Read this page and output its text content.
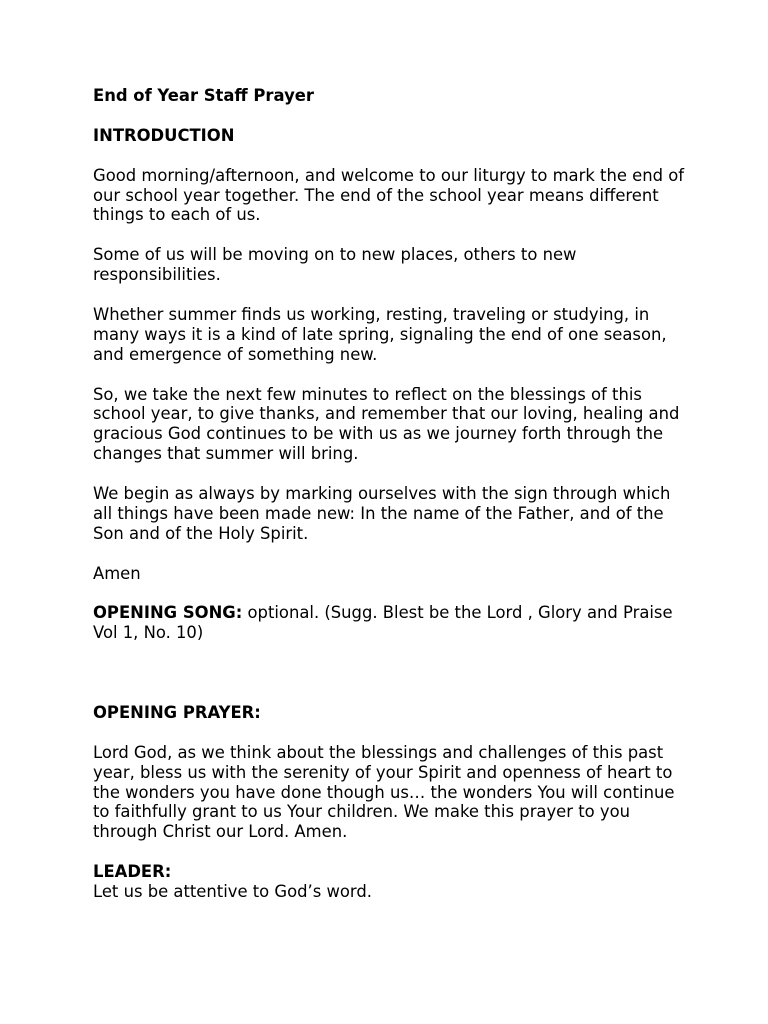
End of Year Staff Prayer

INTRODUCTION

Good morning/afternoon, and welcome to our liturgy to mark the end of our school year together. The end of the school year means different things to each of us.

Some of us will be moving on to new places, others to new responsibilities.

Whether summer finds us working, resting, traveling or studying, in many ways it is a kind of late spring, signaling the end of one season, and emergence of something new.

So, we take the next few minutes to reflect on the blessings of this school year, to give thanks, and remember that our loving, healing and gracious God continues to be with us as we journey forth through the changes that summer will bring.

We begin as always by marking ourselves with the sign through which all things have been made new: In the name of the Father, and of the Son and of the Holy Spirit.

Amen

OPENING SONG: optional. (Sugg. Blest be the Lord , Glory and Praise Vol 1, No. 10)

OPENING PRAYER:

Lord God, as we think about the blessings and challenges of this past year, bless us with the serenity of your Spirit and openness of heart to the wonders you have done though us… the wonders You will continue to faithfully grant to us Your children. We make this prayer to you through Christ our Lord. Amen.

LEADER:
Let us be attentive to God’s word.
